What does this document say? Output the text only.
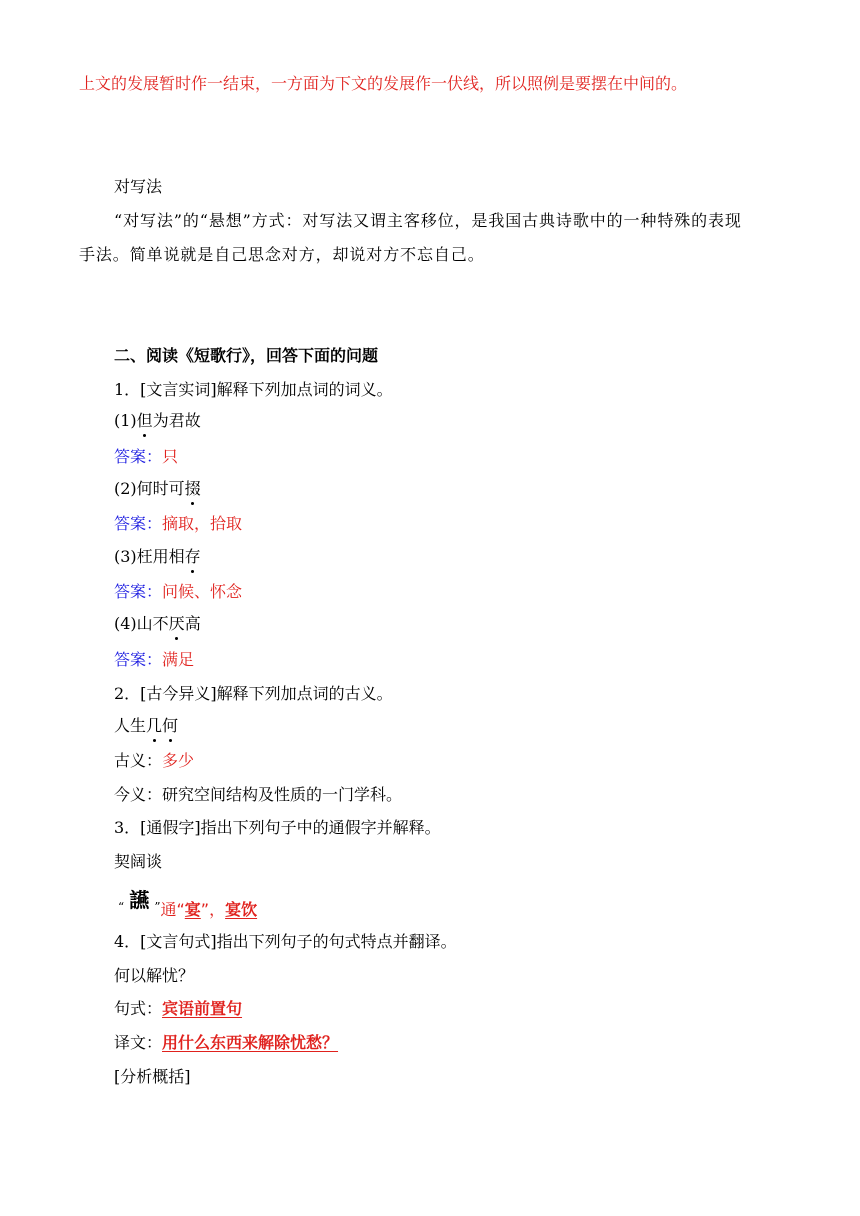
上文的发展暂时作一结束，一方面为下文的发展作一伏线，所以照例是要摆在中间的。
对写法
“对写法”的“悬想”方式：对写法又谓主客移位，是我国古典诗歌中的一种特殊的表现
手法。简单说就是自己思念对方，却说对方不忘自己。
二、阅读《短歌行》，回答下面的问题
1．[文言实词]解释下列加点词的词义。
(1)但为君故
答案：只
(2)何时可掇
答案：摘取，拾取
(3)枉用相存
答案：问候、怀念
(4)山不厌高
答案：满足
2．[古今异义]解释下列加点词的古义。
人生几何
古义：多少
今义：研究空间结构及性质的一门学科。
3．[通假字]指出下列句子中的通假字并解释。
契阔谈
“ 讌 ”通“宴”，宴饮
4．[文言句式]指出下列句子的句式特点并翻译。
何以解忧？
句式：宾语前置句
译文：用什么东西来解除忧愁？
[分析概括]
